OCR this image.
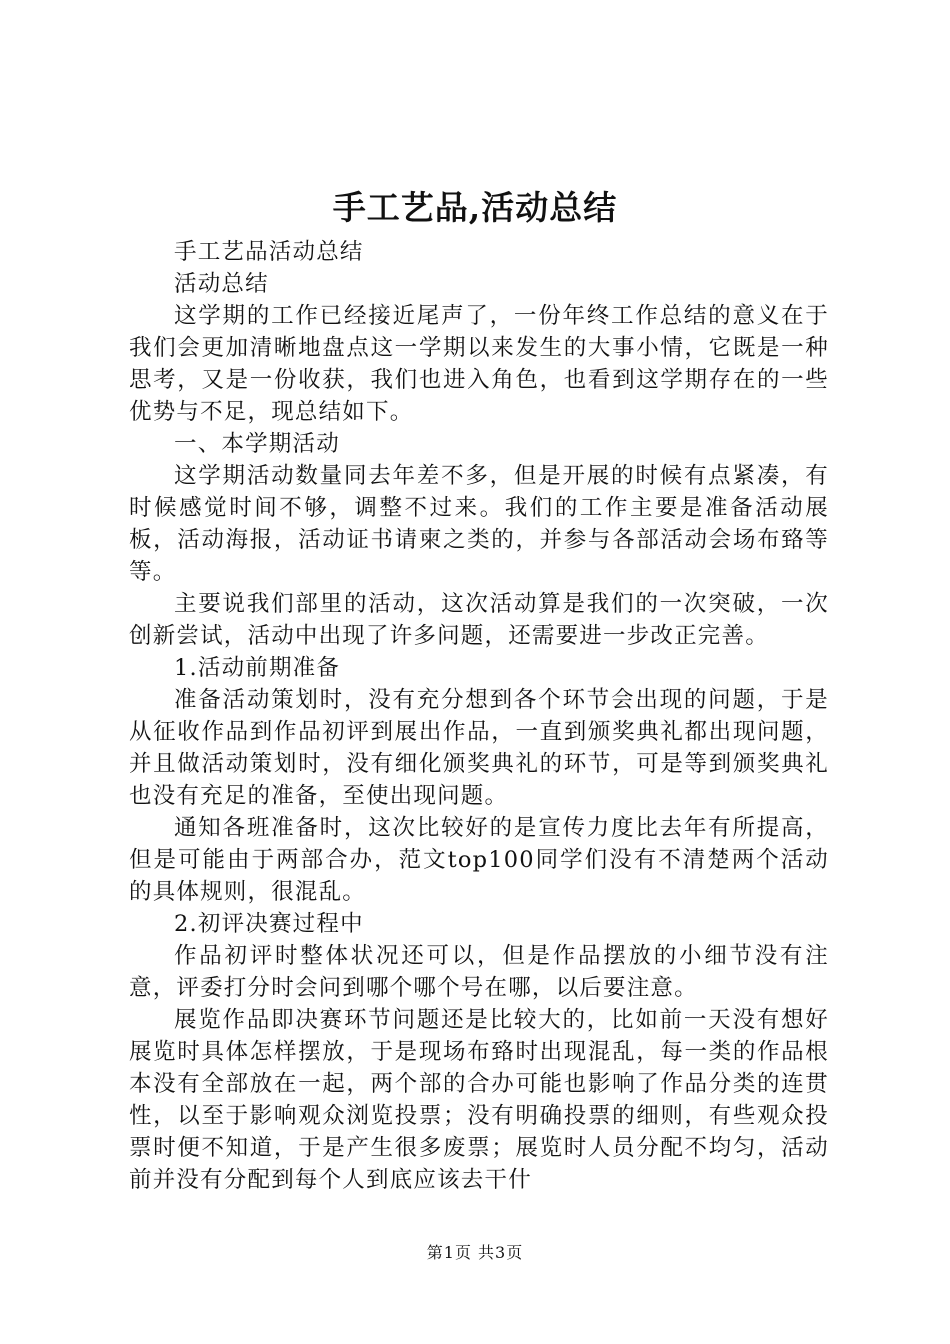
手工艺品,活动总结

手工艺品活动总结

活动总结

这学期的工作已经接近尾声了，一份年终工作总结的意义在于我们会更加清晰地盘点这一学期以来发生的大事小情，它既是一种思考，又是一份收获，我们也进入角色，也看到这学期存在的一些优势与不足，现总结如下。

一、本学期活动

这学期活动数量同去年差不多，但是开展的时候有点紧凑，有时候感觉时间不够，调整不过来。我们的工作主要是准备活动展板，活动海报，活动证书请柬之类的，并参与各部活动会场布臵等等。

主要说我们部里的活动，这次活动算是我们的一次突破，一次创新尝试，活动中出现了许多问题，还需要进一步改正完善。

1.活动前期准备

准备活动策划时，没有充分想到各个环节会出现的问题，于是从征收作品到作品初评到展出作品，一直到颁奖典礼都出现问题，并且做活动策划时，没有细化颁奖典礼的环节，可是等到颁奖典礼也没有充足的准备，至使出现问题。

通知各班准备时，这次比较好的是宣传力度比去年有所提高，但是可能由于两部合办，范文top100同学们没有不清楚两个活动的具体规则，很混乱。

2.初评决赛过程中

作品初评时整体状况还可以，但是作品摆放的小细节没有注意，评委打分时会问到哪个哪个号在哪，以后要注意。

展览作品即决赛环节问题还是比较大的，比如前一天没有想好展览时具体怎样摆放，于是现场布臵时出现混乱，每一类的作品根本没有全部放在一起，两个部的合办可能也影响了作品分类的连贯性，以至于影响观众浏览投票；没有明确投票的细则，有些观众投票时便不知道，于是产生很多废票；展览时人员分配不均匀，活动前并没有分配到每个人到底应该去干什

第1页 共3页
